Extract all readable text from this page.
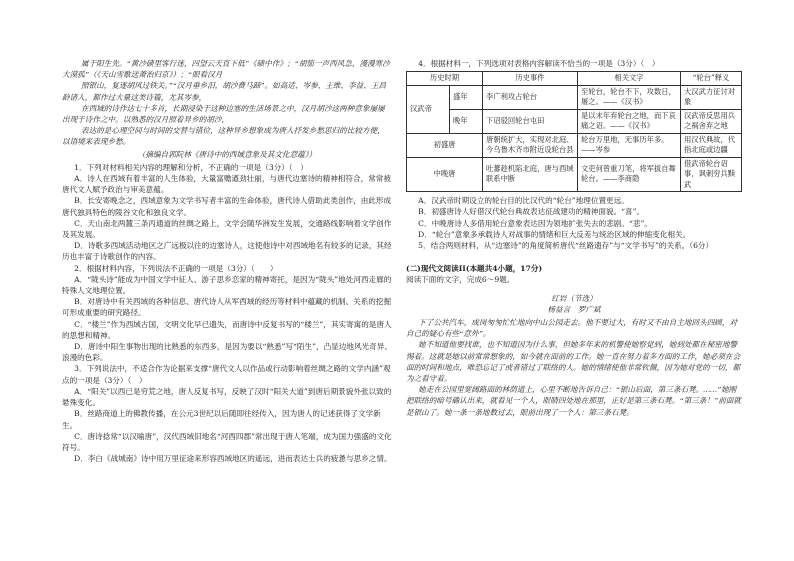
属于阳生先。“黄沙碛里客行迷，四望云天直下低”《碛中作》；“胡笳一声西风急，漫漫寒沙大漠孤”（《天山雪歌送萧治归京》）；“眼看汉月

照银山，复逐胡风过铁关。”“汉月垂乡泪，胡沙费马蹄”。如高适、岑参、王维、李益、王昌龄诸人，都作过大量这类诗篇，尤其岑参，

在西域的诗作达七十多首，长期浸染于这种边塞的生活场景之中，汉月胡沙这两种意象屡屡出现于诗作之中。以熟悉的汉月照着异乡的胡沙，

表达的是心理空间与时间的交替与错位，这种异乡想象成为唐人抒发乡愁思归的比较方便，以语境来表现乡愁。

（摘编自郭院林《唐诗中的西域意象及其文化意蕴》）

1．下列对材料相关内容的理解和分析，不正确的一项是（3分）（　）

A．诗人在西域有着丰富的人生体验，大量富赡遒劲壮丽，与唐代边塞诗的精神相符合，常常被唐代文人赋予政治与审美意蕴。

B．长安寄晚念之，西域意象为文学书写者丰富的生命体验，唐代诗人借助此类创作，由此形成唐代独具特色的陵谷文化和独良文学。

C．天山南北两麓三条丙通道的丝绸之路上，文学会随华洲发生发展，交通路线影响着文学创作及其发展。

D．诗歌多西域活动地区之广远极以往的边塞诗人，这使他诗中对西域地名有较多的记录，其经历也丰富于诗歌创作的内容。

2．根据材料内容，下列说法不正确的一项是（3分）（　　）

A．“陇头诗”能成为中国文学中征人、游子思乡恋家的精神寄托，是因为“陇头”地处河西走廊的特殊人文地理位置。

B．对唐诗中有关西域的各种信息、唐代诗人从军西域的经历等材料中蕴藏的机制、关系的挖掘可形成重要的研究路径。

C．“楼兰”作为西域古国，文明文化早已遗失，而唐诗中反复书写的“楼兰”，其实寄寓的是唐人的思想和精神。

D．唐诗中阳生事物出现的比熟悉的东西多，是因为要以“熟悉”写“陌生”，凸显边地风光奇异、浪漫的色彩。

3．下列说法中，不适合作为论据来支撑“唐代文人以作品或行动影响着丝绸之路的文学内涵”观点的一项是（3分）（　）

A．“阳关”以西已是穷荒之地，唐人反复书写，反映了汉时“阳关大道”到唐后期景貌外张以致的悬殊变化。

B．丝路商道上的佛教传播，在公元3世纪以后随即往经传入，因为唐人的记述获得了文学新生。

C．唐诗捻常“以汉喻唐”，汉代西域旧地名“河西四郡”常出现于唐人笔端，成为国力强盛的文化符号。

D．李白《战城南》诗中用万里征途来形容西域地区的遥远，进而表达士兵的疲惫与思乡之情。

4．根据材料一，下列选项对表格内容解读不恰当的一项是（3分）（　）

历史时期		历史事件	相关文字	“轮台”释义
汉武帝	盛年	李广利攻占轮台	至轮台，轮台不下，攻数日，屠之。——《汉书》	大汉武力征讨对象
	晚年	下诏驳回轮台屯田	是以末年弃轮台之地，而下哀痛之诏。——《汉书》	汉武帝反思用兵之祸舍弃之地
初盛唐		唐朝统扩大，实现对北庭、今乌鲁木齐市附近设轮台县	轮台万里地，无事历年多。——岑参	用汉代典故，代指北庭或边疆
中晚唐		吐蕃趁机陷北庭，唐与西域联系中断	文吏何曾重刀笔，将军拔自舞轮台。——李商隐	借武帝轮台诏事，讽刺穷兵黩武

A．汉武帝时期设立的轮台目的比汉代的“轮台”地理位置更远。

B．初盛唐诗人好借汉代轮台典故表达征战建功的精神面貌。“喜”。

C．中晚唐诗人多借用轮台意象表达因为领地扩张失去的悲剧。“悲”。

D．“轮台”意象多承载诗人对战事的情绪和巨大反差与统治区域的伸缩变化相关。

5．结合两则材料，从“边塞诗”的角度简析唐代“丝路遗存”与“文学书写”的关系。（6分）

(二)现代文阅读II(本题共4小题，17分)

阅读下面的文字，完成6～9题。

红岩（节选）

杨益言　罗广斌

下了公共汽车，成岗匆匆忙忙地向中山公园走去。他不要过大，有时又不由自主地回头四顾，对自己的疑心有些“意外”。

她不知道他要找谁，也不知道因为什么事，但她多年来的机警使她察觉到，她到处都在秘密地警惕着。这就是她以前常常想象的，如今就在面前的工作。她一直在努力着多方面的工作，她必须在会面的时间和地点，唯恐忘记了或者错过了联络的人。她的情绪使他非常钦佩，因为她对党的一切，都为之看守着。

她走在公园里宽阔路面的林荫道上，心里不断地告诉自己：“银山后面，第三条石凳。……”她刚把联络的暗号确认出来，就看见一个人，眼睛四处地在那里，正好是第三条石凳。“第三条！”前面就是银山了。她一条一条地数过去，眼前出现了一个人：第三条石凳。
